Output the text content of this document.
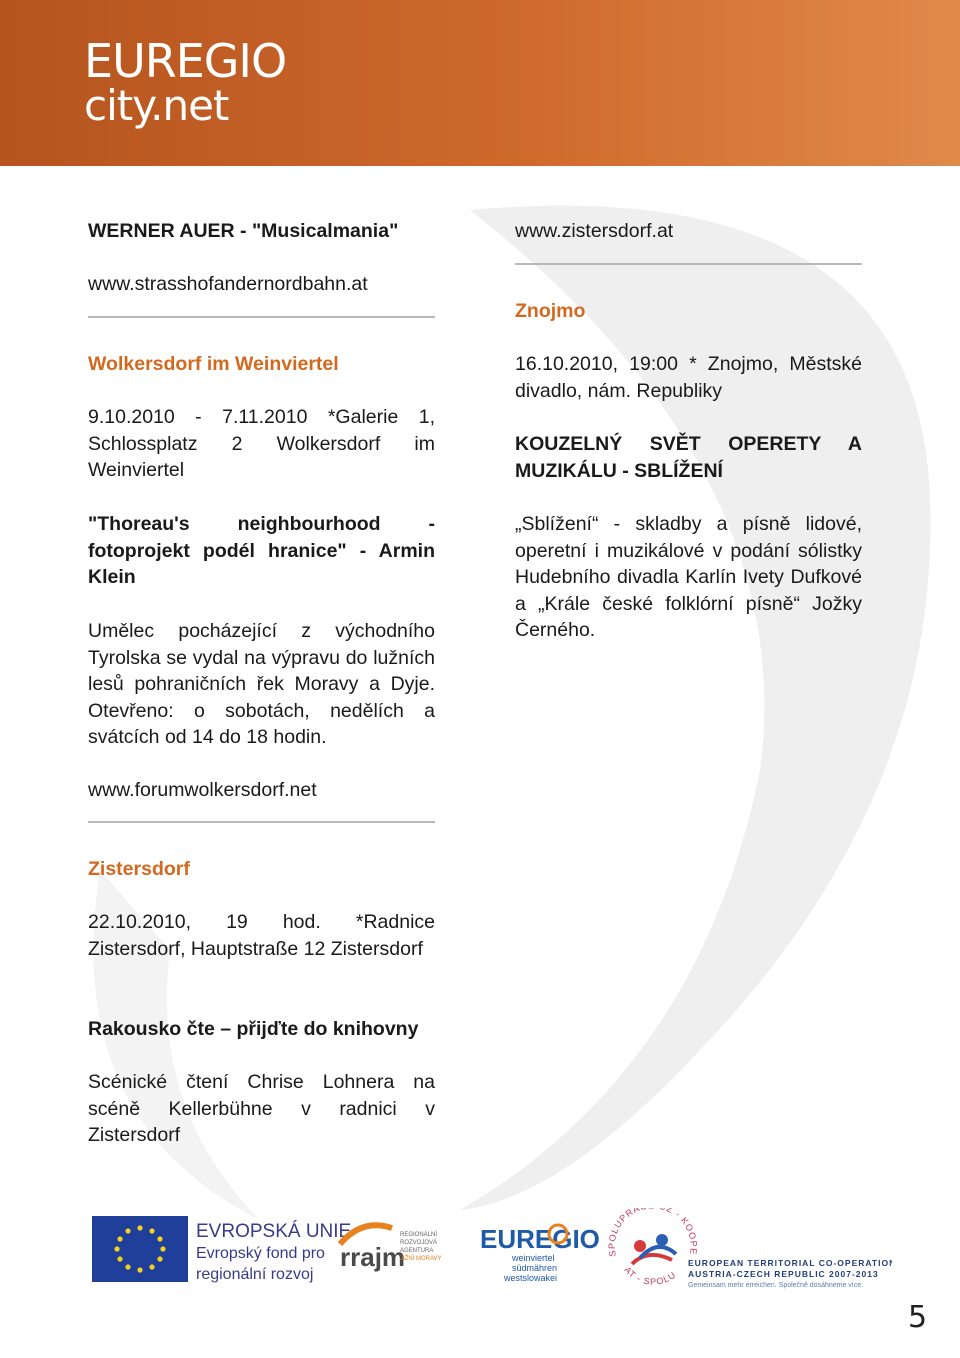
EUREGIO
city.net

WERNER AUER - "Musicalmania"

www.strasshofandernordbahn.at

Wolkersdorf im Weinviertel

9.10.2010 - 7.11.2010 *Galerie 1, Schlossplatz 2 Wolkersdorf im Weinviertel

"Thoreau's neighbourhood - fotoprojekt podél hranice" - Armin Klein

Umělec pocházející z východního Tyrolska se vydal na výpravu do lužních lesů pohraničních řek Moravy a Dyje. Otevřeno: o sobotách, nedělích a svátcích od 14 do 18 hodin.

www.forumwolkersdorf.net

Zistersdorf

22.10.2010, 19 hod. *Radnice Zistersdorf, Hauptstraße 12 Zistersdorf

Rakousko čte – přijďte do knihovny

Scénické čtení Chrise Lohnera na scéně Kellerbühne v radnici v Zistersdorf

www.zistersdorf.at

Znojmo

16.10.2010, 19:00 * Znojmo, Městské divadlo, nám. Republiky

KOUZELNÝ SVĚT OPERETY A MUZIKÁLU - SBLÍŽENÍ

„Sblížení“ - skladby a písně lidové, operetní i muzikálové v podání sólistky Hudebního divadla Karlín Ivety Dufkové a „Krále české folklórní písně“ Jožky Černého.

EVROPSKÁ UNIE
Evropský fond pro
regionální rozvoj
rrajm
REGIONÁLNÍ
ROZVOJOVÁ
AGENTURA
JIŽNÍ MORAVY
EUREGIO
weinviertel
südmähren
westslowakei
SPOLUPRÁ Z - KOOPE
AT - SPOLU
EUROPEAN TERRITORIAL CO-OPERATION
AUSTRIA-CZECH REPUBLIC 2007-2013
Gemeinsam mehr erreichen. Společně dosáhneme více.
5
